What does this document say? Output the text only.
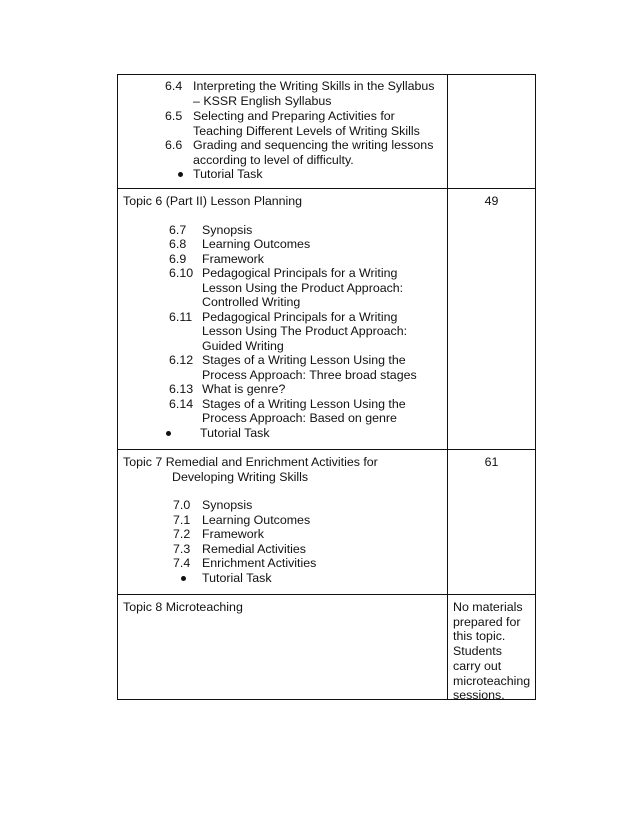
6.4 Interpreting the Writing Skills in the Syllabus
– KSSR English Syllabus
6.5 Selecting and Preparing Activities for
Teaching Different Levels of Writing Skills
6.6 Grading and sequencing the writing lessons
according to level of difficulty.
Tutorial Task
Topic 6 (Part II) Lesson Planning	49
6.7 Synopsis
6.8 Learning Outcomes
6.9 Framework
6.10 Pedagogical Principals for a Writing
Lesson Using the Product Approach:
Controlled Writing
6.11 Pedagogical Principals for a Writing
Lesson Using The Product Approach:
Guided Writing
6.12 Stages of a Writing Lesson Using the
Process Approach: Three broad stages
6.13 What is genre?
6.14 Stages of a Writing Lesson Using the
Process Approach: Based on genre
Tutorial Task
Topic 7 Remedial and Enrichment Activities for
Developing Writing Skills
61
7.0 Synopsis
7.1 Learning Outcomes
7.2 Framework
7.3 Remedial Activities
7.4 Enrichment Activities
Tutorial Task
Topic 8 Microteaching	No materials
prepared for
this topic.
Students
carry out
microteaching
sessions.
